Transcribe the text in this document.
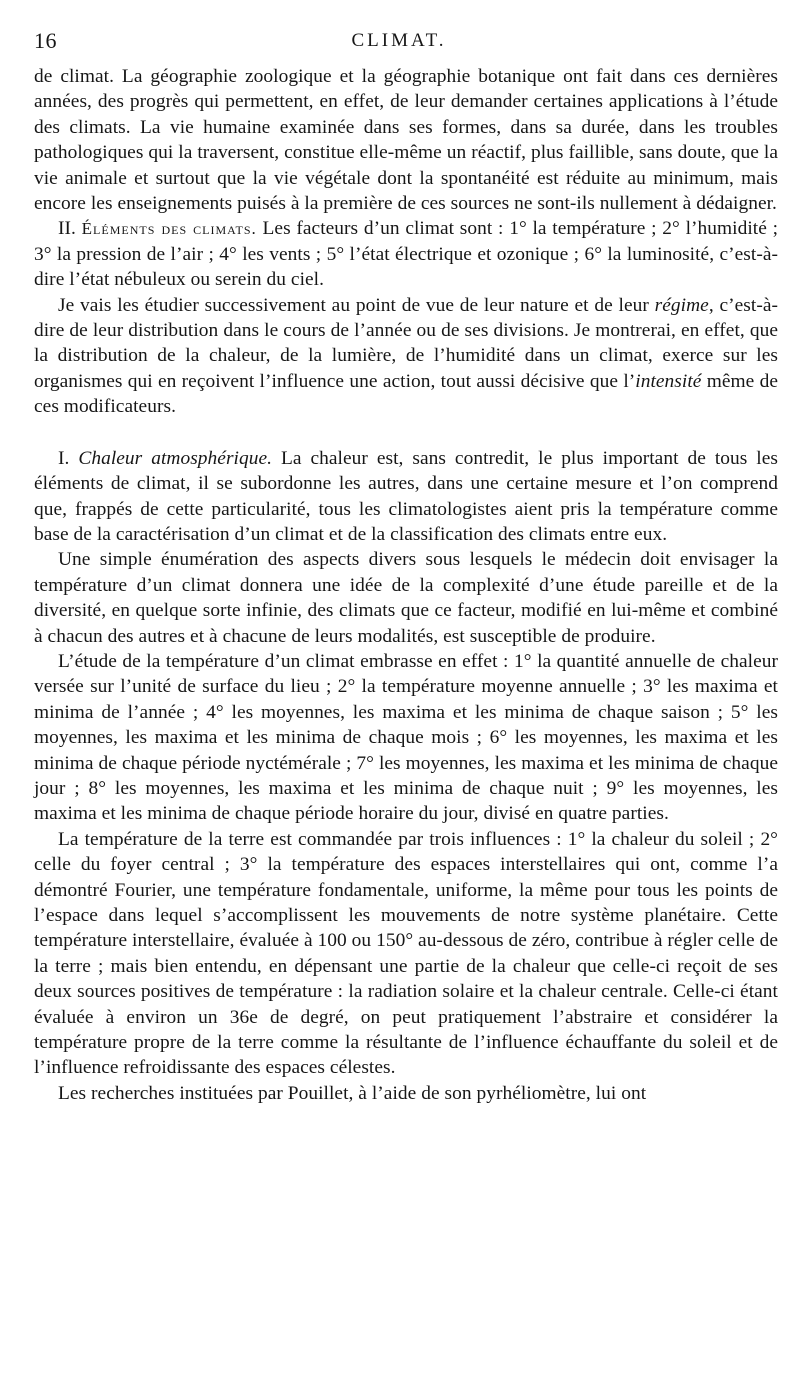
16	CLIMAT.

de climat. La géographie zoologique et la géographie botanique ont fait dans ces dernières années, des progrès qui permettent, en effet, de leur demander certaines applications à l’étude des climats. La vie humaine examinée dans ses formes, dans sa durée, dans les troubles pathologiques qui la traversent, constitue elle-même un réactif, plus faillible, sans doute, que la vie animale et surtout que la vie végétale dont la spontanéité est réduite au minimum, mais encore les enseignements puisés à la première de ces sources ne sont-ils nullement à dédaigner.

II. Éléments des climats. Les facteurs d’un climat sont : 1° la température ; 2° l’humidité ; 3° la pression de l’air ; 4° les vents ; 5° l’état électrique et ozonique ; 6° la luminosité, c’est-à-dire l’état nébuleux ou serein du ciel.

Je vais les étudier successivement au point de vue de leur nature et de leur régime, c’est-à-dire de leur distribution dans le cours de l’année ou de ses divisions. Je montrerai, en effet, que la distribution de la chaleur, de la lumière, de l’humidité dans un climat, exerce sur les organismes qui en reçoivent l’influence une action, tout aussi décisive que l’intensité même de ces modificateurs.

I. Chaleur atmosphérique. La chaleur est, sans contredit, le plus important de tous les éléments de climat, il se subordonne les autres, dans une certaine mesure et l’on comprend que, frappés de cette particularité, tous les climatologistes aient pris la température comme base de la caractérisation d’un climat et de la classification des climats entre eux.

Une simple énumération des aspects divers sous lesquels le médecin doit envisager la température d’un climat donnera une idée de la complexité d’une étude pareille et de la diversité, en quelque sorte infinie, des climats que ce facteur, modifié en lui-même et combiné à chacun des autres et à chacune de leurs modalités, est susceptible de produire.

L’étude de la température d’un climat embrasse en effet : 1° la quantité annuelle de chaleur versée sur l’unité de surface du lieu ; 2° la température moyenne annuelle ; 3° les maxima et minima de l’année ; 4° les moyennes, les maxima et les minima de chaque saison ; 5° les moyennes, les maxima et les minima de chaque mois ; 6° les moyennes, les maxima et les minima de chaque période nyctémérale ; 7° les moyennes, les maxima et les minima de chaque jour ; 8° les moyennes, les maxima et les minima de chaque nuit ; 9° les moyennes, les maxima et les minima de chaque période horaire du jour, divisé en quatre parties.

La température de la terre est commandée par trois influences : 1° la chaleur du soleil ; 2° celle du foyer central ; 3° la température des espaces interstellaires qui ont, comme l’a démontré Fourier, une température fondamentale, uniforme, la même pour tous les points de l’espace dans lequel s’accomplissent les mouvements de notre système planétaire. Cette température interstellaire, évaluée à 100 ou 150° au-dessous de zéro, contribue à régler celle de la terre ; mais bien entendu, en dépensant une partie de la chaleur que celle-ci reçoit de ses deux sources positives de température : la radiation solaire et la chaleur centrale. Celle-ci étant évaluée à environ un 36e de degré, on peut pratiquement l’abstraire et considérer la température propre de la terre comme la résultante de l’influence échauffante du soleil et de l’influence refroidissante des espaces célestes.

Les recherches instituées par Pouillet, à l’aide de son pyrhéliomètre, lui ont
